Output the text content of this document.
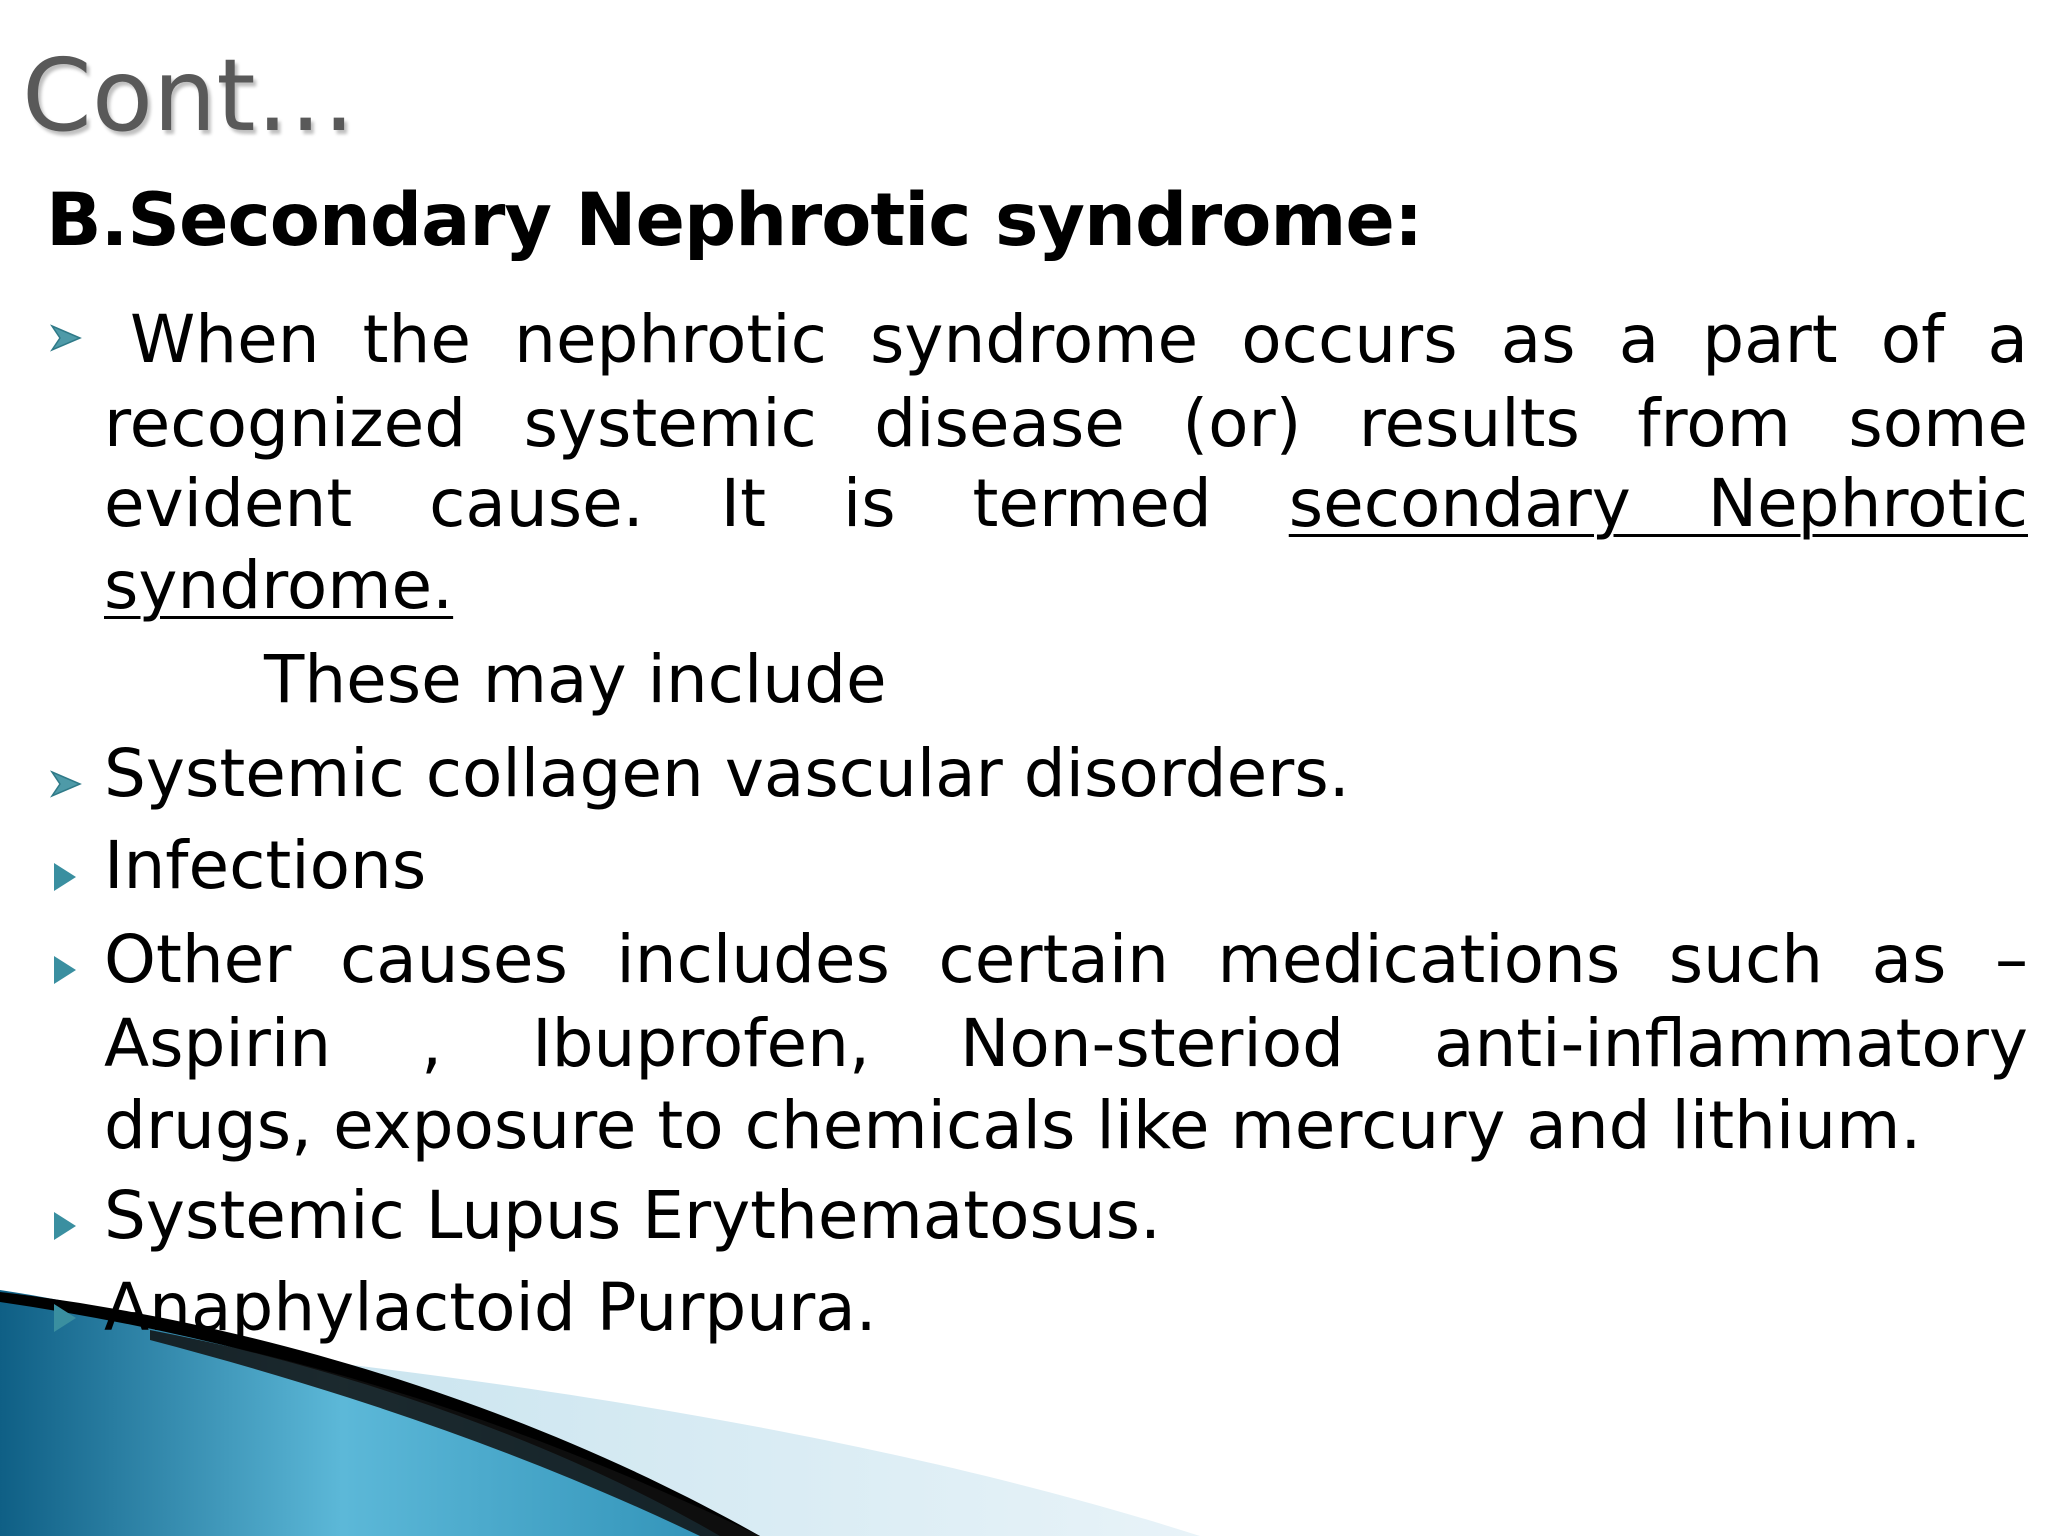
Cont…
B.Secondary Nephrotic syndrome:

When the nephrotic syndrome occurs as a part of a

recognized systemic disease (or) results from some

evident cause. It is termed secondary Nephrotic

syndrome.

These may include

Systemic collagen vascular disorders.

Infections

Other causes includes certain medications such as –

Aspirin , Ibuprofen, Non-steriod anti-inflammatory

drugs, exposure to chemicals like mercury and lithium.

Systemic Lupus Erythematosus.

Anaphylactoid Purpura.
